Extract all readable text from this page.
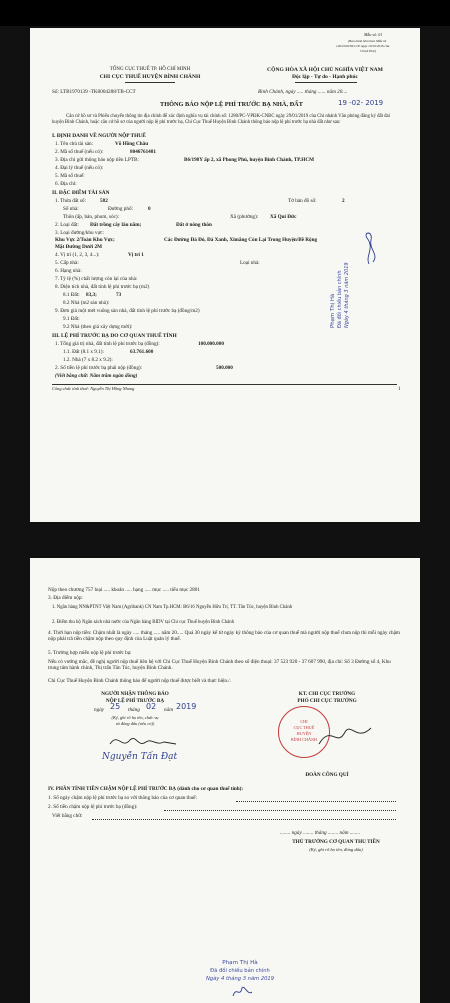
Mẫu số: 01
(Ban hành kèm theo Mẫu số
140/2016/ND-CP ngày 10/10/2016 của
Chính Phủ)
TỔNG CỤC THUẾ TP. HỒ CHÍ MINH
CHI CỤC THUẾ HUYỆN BÌNH CHÁNH
CỘNG HÒA XÃ HỘI CHỦ NGHĨA VIỆT NAM
Độc lập - Tự do - Hạnh phúc
Số: LTB1970139 -TK0004288/TB-CCT	Bình Chánh, ngày ..... tháng ...... năm 20....
THÔNG BÁO NỘP LỆ PHÍ TRƯỚC BẠ NHÀ, ĐẤT	19 -02- 2019
Căn cứ hồ sơ và Phiếu chuyển thông tin địa chính để xác định nghĩa vụ tài chính số: 1280/PC-VPĐK-CNBC ngày 29/01/2019 của Chi nhánh Văn phòng đăng ký đất đai huyện Bình Chánh, hoặc căn cứ hồ sơ của người nộp lệ phí trước bạ, Chi Cục Thuế Huyện Bình Chánh thông báo nộp lệ phí trước bạ nhà đất như sau:
I. ĐỊNH DANH VỀ NGƯỜI NỘP THUẾ
1. Tên chủ tài sản:	Võ Hồng Châu
2. Mã số thuế (nếu có):	8046761481
3. Địa chỉ gửi thông báo nộp tiền LPTB:	B6/198Y ấp 2, xã Phong Phú, huyện Bình Chánh, TP.HCM
4. Đại lý thuế (nếu có):
5. Mã số thuế:
6. Địa chỉ:
II. ĐẶC ĐIỂM TÀI SẢN
1. Thửa đất số:	582	Tờ bản đồ số:	2
Số nhà:	Đường phố:	0
Thôn (ấp, bản, phum, sóc):	Xã (phường): Xã Qui Đức
2. Loại đất: Đất trồng cây lâu năm;	Đất ở nông thôn
3. Loại đường/khu vực:
Khu Vực 2/Toàn Khu Vực;	Các Đường Đá Đỏ, Đá Xanh, Ximăng Còn Lại Trong Huyện/Bề Rộng
Mặt Đường Dưới 2M
4. Vị trí (1, 2, 3, 4...):	Vị trí 1
5. Cấp nhà:	Loại nhà:
6. Hạng nhà:
7. Tỷ lệ (%) chất lượng còn lại của nhà:
8. Diện tích nhà, đất tính lệ phí trước bạ (m2)
8.1 Đất: 83,3;	73
8.2 Nhà (m2 sàn nhà):
9. Đơn giá một mét vuông sàn nhà, đất tính lệ phí trước bạ (đồng/m2)
9.1 Đất:
9.2 Nhà (theo giá xây dựng mới):
III. LỆ PHÍ TRƯỚC BẠ DO CƠ QUAN THUẾ TÍNH
1. Tổng giá trị nhà, đất tính lệ phí trước bạ (đồng):	100.000.000
1.1. Đất (8.1 x 9.1):	63.761.600
1.2. Nhà (7 x 8.2 x 9.2):
2. Số tiền lệ phí trước bạ phải nộp (đồng):	500.000
(Viết bằng chữ: Năm trăm ngàn đồng)
Công chức tính thuế: Nguyễn Thị Hồng Nhung	1
Phạm Thị Hà Đã đối chiếu bản chính Ngày 4 tháng 3 năm 2019
Nộp theo chương 757 loại ..... khoản ..... hạng ..... mục ..... tiểu mục 2801
3. Địa điểm nộp:
1. Ngân hàng NN&PTNT Việt Nam (Agribank) CN Nam Tp.HCM: B6/16 Nguyễn Hữu Trí, TT. Tân Túc, huyện Bình Chánh
2. Điểm thu hộ Ngân sách nhà nước của Ngân hàng BIDV tại Chi cục Thuế huyện Bình Chánh
4. Thời hạn nộp tiền: Chậm nhất là ngày ..... tháng ..... năm 20..... Quá 30 ngày kể từ ngày ký thông báo của cơ quan thuế mà người nộp thuế chưa nộp thì mỗi ngày chậm nộp phải trả tiền chậm nộp theo quy định của Luật quản lý thuế.
5. Trường hợp miễn nộp lệ phí trước bạ:
Nếu có vướng mắc, đề nghị người nộp thuế liên hệ với Chi Cục Thuế Huyện Bình Chánh theo số điện thoại: 37 523 920 - 37 607 990, địa chỉ: Số 3 Đường số 4, Khu trung tâm hành chính, Thị trấn Tân Túc, huyện Bình Chánh.
Chi Cục Thuế Huyện Bình Chánh thông báo để người nộp thuế được biết và thực hiện./.
NGƯỜI NHẬN THÔNG BÁO
NỘP LỆ PHÍ TRƯỚC BẠ
ngày 25 tháng 02 năm 2019
(Ký, ghi rõ họ tên, chức vụ
và đóng dấu (nếu có))
Nguyễn Tấn Đạt
KT. CHI CỤC TRƯỞNG
PHÓ CHI CỤC TRƯỞNG
CHI
CỤC THUẾ
HUYỆN
BÌNH CHÁNH
ĐOÀN CÔNG QUÍ
IV. PHẦN TÍNH TIỀN CHẬM NỘP LỆ PHÍ TRƯỚC BẠ (dành cho cơ quan thuế tính):
1. Số ngày chậm nộp lệ phí trước bạ so với thông báo của cơ quan thuế:
2. Số tiền chậm nộp lệ phí trước bạ (đồng):
Viết bằng chữ:
........ ngày ........ tháng ........ năm ........
THỦ TRƯỞNG CƠ QUAN THU TIỀN
(Ký, ghi rõ họ tên, đóng dấu)
Phạm Thị Hà
Đã đối chiếu bản chính
Ngày 4 tháng 3 năm 2019
